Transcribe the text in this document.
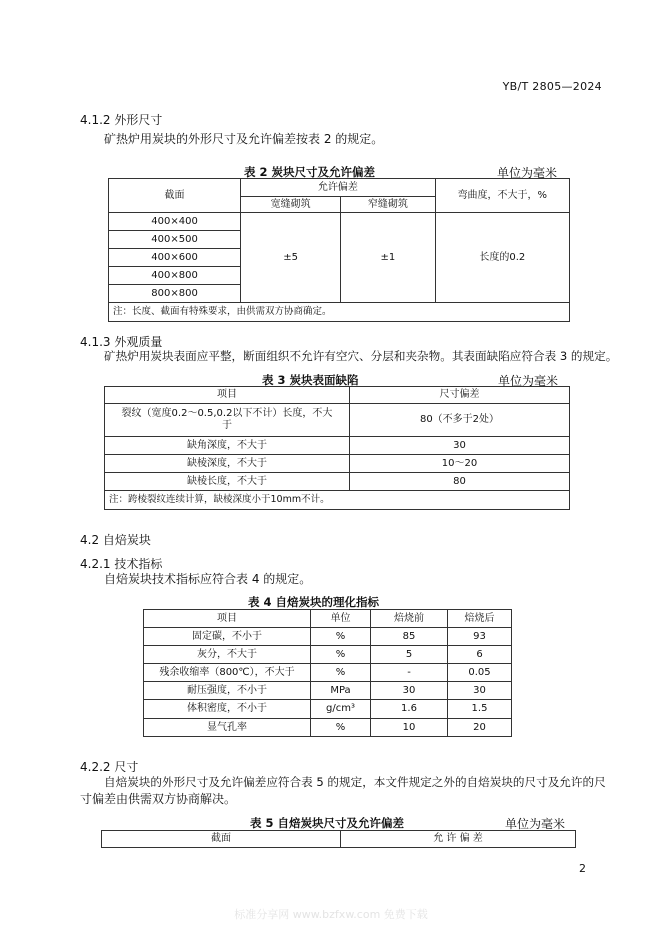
YB/T 2805—2024
4.1.2 外形尺寸
矿热炉用炭块的外形尺寸及允许偏差按表 2 的规定。
表 2 炭块尺寸及允许偏差	单位为毫米
截面	允许偏差		弯曲度，不大于，%
	宽缝砌筑	窄缝砌筑	
400×400	±5	±1	长度的0.2
400×500			
400×600			
400×800			
800×800			
注：长度、截面有特殊要求，由供需双方协商确定。			
4.1.3 外观质量
矿热炉用炭块表面应平整，断面组织不允许有空穴、分层和夹杂物。其表面缺陷应符合表 3 的规定。
表 3 炭块表面缺陷	单位为毫米
项目	尺寸偏差

裂纹（宽度0.2～0.5,0.2以下不计）长度，不大
于	80（不多于2处）
缺角深度，不大于	30
缺棱深度，不大于	10～20
缺棱长度，不大于	80
注：跨棱裂纹连续计算，缺棱深度小于10mm不计。	
4.2 自焙炭块
4.2.1 技术指标
自焙炭块技术指标应符合表 4 的规定。
表 4 自焙炭块的理化指标
项目	单位	焙烧前	焙烧后
固定碳，不小于	%	85	93
灰分，不大于	%	5	6
残余收缩率（800℃），不大于	%	-	0.05
耐压强度，不小于	MPa	30	30
体积密度，不小于	g/cm³	1.6	1.5
显气孔率	%	10	20
4.2.2 尺寸
自焙炭块的外形尺寸及允许偏差应符合表 5 的规定，本文件规定之外的自焙炭块的尺寸及允许的尺
寸偏差由供需双方协商解决。
表 5 自焙炭块尺寸及允许偏差	单位为毫米
截面	允 许 偏 差
2
标准分享网 www.bzfxw.com 免费下载
